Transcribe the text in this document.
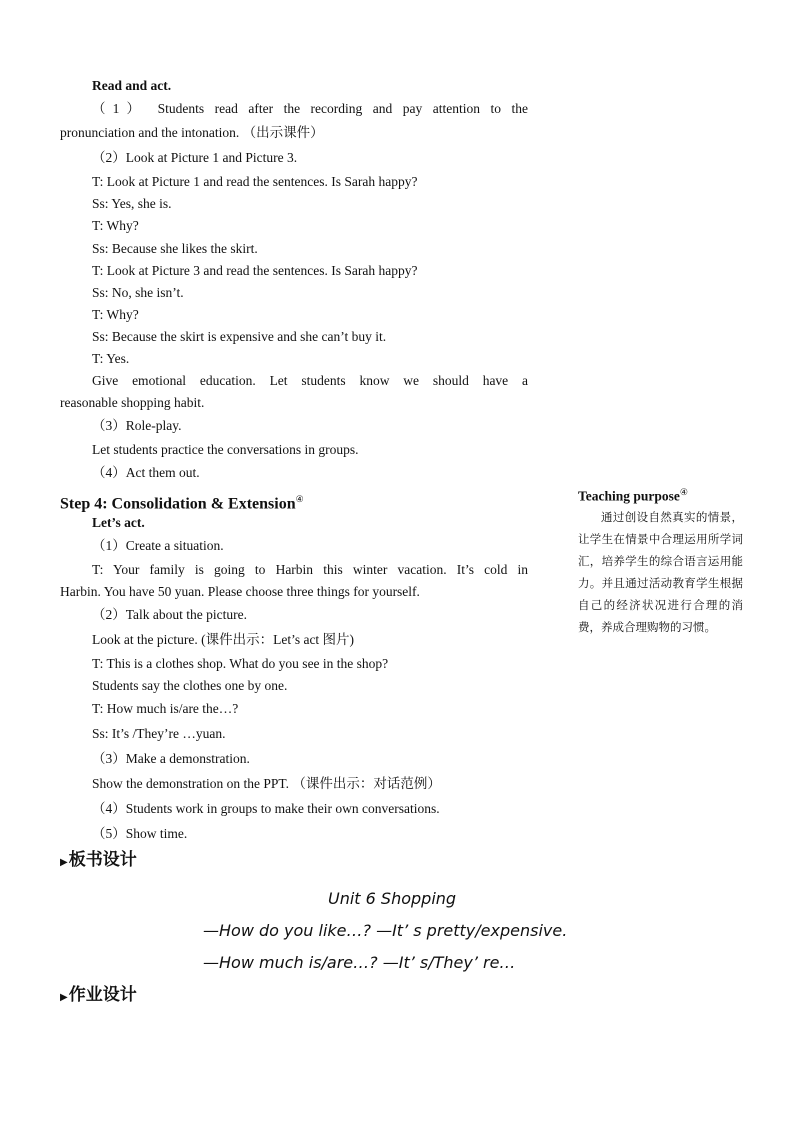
Read and act.
（1） Students read after the recording and pay attention to the
pronunciation and the intonation. （出示课件）
（2）Look at Picture 1 and Picture 3.
T: Look at Picture 1 and read the sentences. Is Sarah happy?
Ss: Yes, she is.
T: Why?
Ss: Because she likes the skirt.
T: Look at Picture 3 and read the sentences. Is Sarah happy?
Ss: No, she isn’t.
T: Why?
Ss: Because the skirt is expensive and she can’t buy it.
T: Yes.
Give emotional education. Let students know we should have a
reasonable shopping habit.
（3）Role-play.
Let students practice the conversations in groups.
（4）Act them out.
Step 4: Consolidation & Extension④
Let’s act.
（1）Create a situation.
T: Your family is going to Harbin this winter vacation. It’s cold in
Harbin. You have 50 yuan. Please choose three things for yourself.
（2）Talk about the picture.
Look at the picture. (课件出示：Let’s act 图片)
T: This is a clothes shop. What do you see in the shop?
Students say the clothes one by one.
T: How much is/are the…?
Ss: It’s /They’re …yuan.
（3）Make a demonstration.
Show the demonstration on the PPT. （课件出示：对话范例）
（4）Students work in groups to make their own conversations.
（5）Show time.
Teaching purpose④
通过创设自然真实的情景，让学生在情景中合理运用所学词汇，培养学生的综合语言运用能力。并且通过活动教育学生根据自己的经济状况进行合理的消费，养成合理购物的习惯。
▶板书设计
Unit 6 Shopping
—How do you like…? —It’ s pretty/expensive.
—How much is/are…? —It’ s/They’ re…
▶作业设计
